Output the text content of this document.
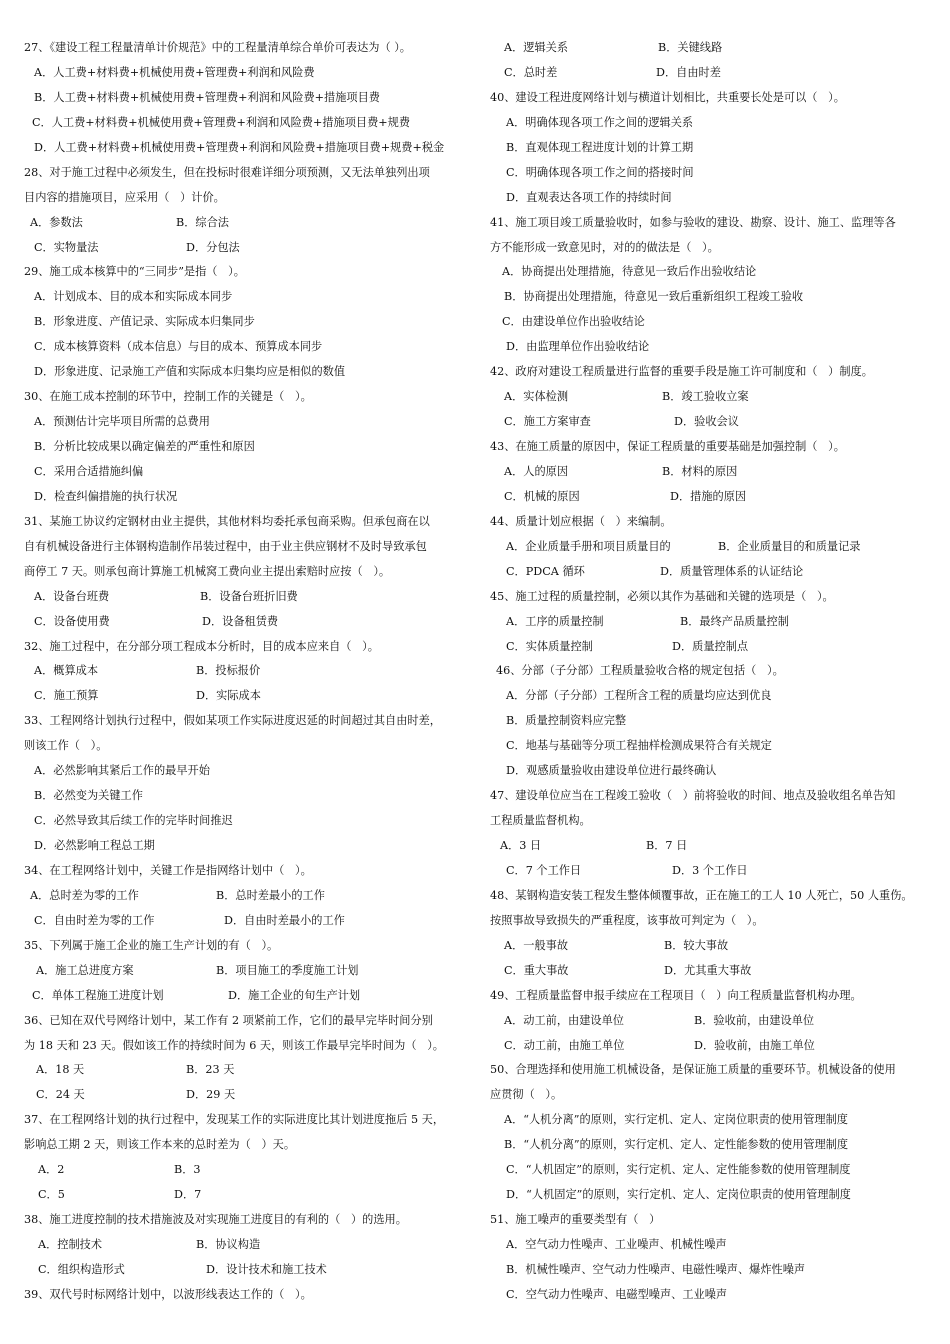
27、《建设工程工程量清单计价规范》中的工程量清单综合单价可表达为（ ）。
A．人工费+材料费+机械使用费+管理费+利润和风险费
B．人工费+材料费+机械使用费+管理费+利润和风险费+措施项目费
C．人工费+材料费+机械使用费+管理费+利润和风险费+措施项目费+规费
D．人工费+材料费+机械使用费+管理费+利润和风险费+措施项目费+规费+税金
28、对于施工过程中必须发生，但在投标时很难详细分项预测，又无法单独列出项
目内容的措施项目，应采用（   ）计价。
A．参数法	B．综合法
C．实物量法	D．分包法
29、施工成本核算中的“三同步”是指（   ）。
A．计划成本、目的成本和实际成本同步
B．形象进度、产值记录、实际成本归集同步
C．成本核算资料（成本信息）与目的成本、预算成本同步
D．形象进度、记录施工产值和实际成本归集均应是相似的数值
30、在施工成本控制的环节中，控制工作的关键是（   ）。
A．预测估计完毕项目所需的总费用
B．分析比较成果以确定偏差的严重性和原因
C．采用合适措施纠偏
D．检查纠偏措施的执行状况
31、某施工协议约定钢材由业主提供，其他材料均委托承包商采购。但承包商在以
自有机械设备进行主体钢构造制作吊装过程中，由于业主供应钢材不及时导致承包
商停工 7 天。则承包商计算施工机械窝工费向业主提出索赔时应按（   ）。
A．设备台班费	B．设备台班折旧费
C．设备使用费	D．设备租赁费
32、施工过程中，在分部分项工程成本分析时，目的成本应来自（   ）。
A．概算成本	B．投标报价
C．施工预算	D．实际成本
33、工程网络计划执行过程中，假如某项工作实际进度迟延的时间超过其自由时差，
则该工作（   ）。
A．必然影响其紧后工作的最早开始
B．必然变为关键工作
C．必然导致其后续工作的完毕时间推迟
D．必然影响工程总工期
34、在工程网络计划中，关键工作是指网络计划中（   ）。
A．总时差为零的工作	B．总时差最小的工作
C．自由时差为零的工作	D．自由时差最小的工作
35、下列属于施工企业的施工生产计划的有（   ）。
A．施工总进度方案	B．项目施工的季度施工计划
C．单体工程施工进度计划	D．施工企业的旬生产计划
36、已知在双代号网络计划中，某工作有 2 项紧前工作，它们的最早完毕时间分别
为 18 天和 23 天。假如该工作的持续时间为 6 天，则该工作最早完毕时间为（   ）。
A．18 天	B．23 天
C．24 天	D．29 天
37、在工程网络计划的执行过程中，发现某工作的实际进度比其计划进度拖后 5 天，
影响总工期 2 天，则该工作本来的总时差为（   ）天。
A．2	B．3
C．5	D．7
38、施工进度控制的技术措施波及对实现施工进度目的有利的（   ）的选用。
A．控制技术	B．协议构造
C．组织构造形式	D．设计技术和施工技术
39、双代号时标网络计划中，以波形线表达工作的（   ）。
A．逻辑关系	B．关键线路
C．总时差	D．自由时差
40、建设工程进度网络计划与横道计划相比，共重要长处是可以（   ）。
A．明确体现各项工作之间的逻辑关系
B．直观体现工程进度计划的计算工期
C．明确体现各项工作之间的搭接时间
D．直观表达各项工作的持续时间
41、施工项目竣工质量验收时，如参与验收的建设、勘察、设计、施工、监理等各
方不能形成一致意见时，对的的做法是（   ）。
A．协商提出处理措施，待意见一致后作出验收结论
B．协商提出处理措施，待意见一致后重新组织工程竣工验收
C．由建设单位作出验收结论
D．由监理单位作出验收结论
42、政府对建设工程质量进行监督的重要手段是施工许可制度和（   ）制度。
A．实体检测	B．竣工验收立案
C．施工方案审查	D．验收会议
43、在施工质量的原因中，保证工程质量的重要基础是加强控制（   ）。
A．人的原因	B．材料的原因
C．机械的原因	D．措施的原因
44、质量计划应根据（   ）来编制。
A．企业质量手册和项目质量目的	B．企业质量目的和质量记录
C．PDCA 循环	D．质量管理体系的认证结论
45、施工过程的质量控制，必须以其作为基础和关键的选项是（   ）。
A．工序的质量控制	B．最终产品质量控制
C．实体质量控制	D．质量控制点
46、分部（子分部）工程质量验收合格的规定包括（   ）。
A．分部（子分部）工程所含工程的质量均应达到优良
B．质量控制资料应完整
C．地基与基础等分项工程抽样检测成果符合有关规定
D．观感质量验收由建设单位进行最终确认
47、建设单位应当在工程竣工验收（   ）前将验收的时间、地点及验收组名单告知
工程质量监督机构。
A．3 日	B．7 日
C．7 个工作日	D．3 个工作日
48、某钢构造安装工程发生整体倾覆事故，正在施工的工人 10 人死亡，50 人重伤。
按照事故导致损失的严重程度，该事故可判定为（   ）。
A．一般事故	B．较大事故
C．重大事故	D．尤其重大事故
49、工程质量监督申报手续应在工程项目（   ）向工程质量监督机构办理。
A．动工前，由建设单位	B．验收前，由建设单位
C．动工前，由施工单位	D．验收前，由施工单位
50、合理选择和使用施工机械设备，是保证施工质量的重要环节。机械设备的使用
应贯彻（   ）。
A．“人机分离”的原则，实行定机、定人、定岗位职责的使用管理制度
B．“人机分离”的原则，实行定机、定人、定性能参数的使用管理制度
C．“人机固定”的原则，实行定机、定人、定性能参数的使用管理制度
D．“人机固定”的原则，实行定机、定人、定岗位职责的使用管理制度
51、施工噪声的重要类型有（   ）
A．空气动力性噪声、工业噪声、机械性噪声
B．机械性噪声、空气动力性噪声、电磁性噪声、爆炸性噪声
C．空气动力性噪声、电磁型噪声、工业噪声
